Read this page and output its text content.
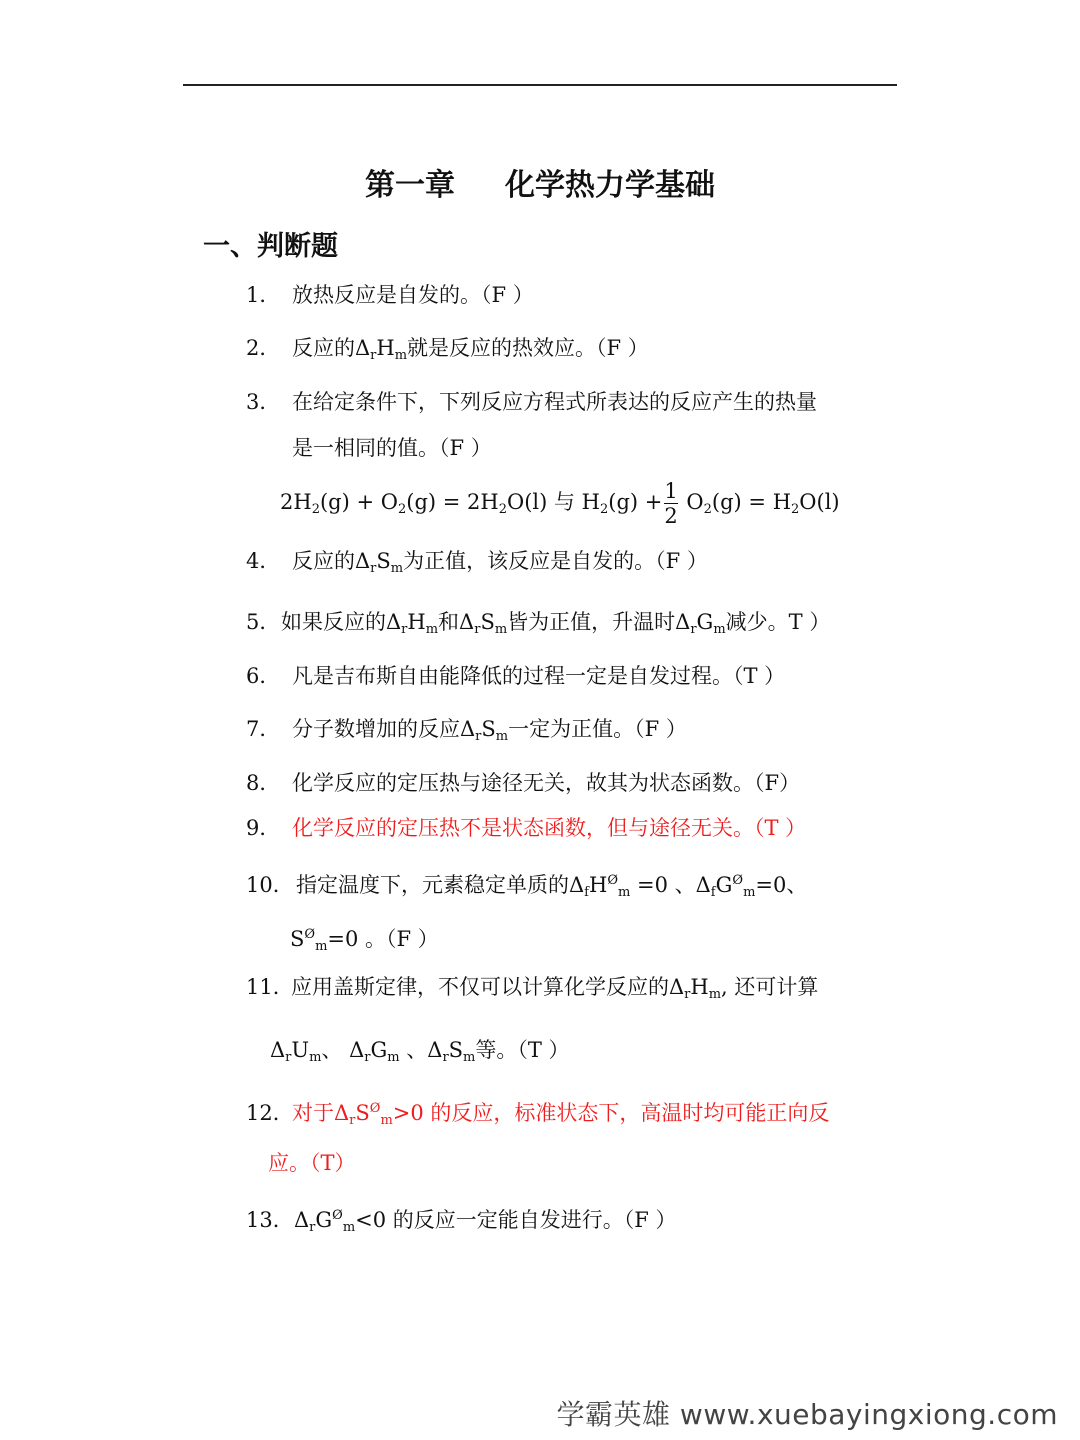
第一章 化学热力学基础
一、判断题
1． 放热反应是自发的。（F ）
2． 反应的$\Delta_rH_m$就是反应的热效应。（F ）
3． 在给定条件下，下列反应方程式所表达的反应产生的热量
是一相同的值。（F ）
$2H_2(g) + O_2(g) = 2H_2O(l)$ 与 $H_2(g) + \frac{1}{2} O_2(g) = H_2O(l)$
4． 反应的$\Delta_rS_m$为正值，该反应是自发的。（F ）
5．如果反应的$\Delta_rH_m$和$\Delta_rS_m$皆为正值，升温时$\Delta_rG_m$减少。T ）
6． 凡是吉布斯自由能降低的过程一定是自发过程。（T ）
7． 分子数增加的反应$\Delta_rS_m$一定为正值。（F ）
8． 化学反应的定压热与途径无关，故其为状态函数。（F）
9． 化学反应的定压热不是状态函数，但与途径无关。（T ）
10． 指定温度下，元素稳定单质的$\Delta_fH^Ø_m =0$ 、$\Delta_fG^Ø_m=0$、
$S^Ø_m=0$ 。（F ）
11．应用盖斯定律，不仅可以计算化学反应的$\Delta_rH_m$, 还可计算
$\Delta_rU_m$、 $\Delta_rG_m$ 、$\Delta_rS_m$等。（T ）
12．对于$\Delta_rS^Ø_m>0$ 的反应，标准状态下，高温时均可能正向反
应。（T）
13．$\Delta_rG^Ø_m<0$ 的反应一定能自发进行。（F ）
学霸英雄 www.xuebayingxiong.com
